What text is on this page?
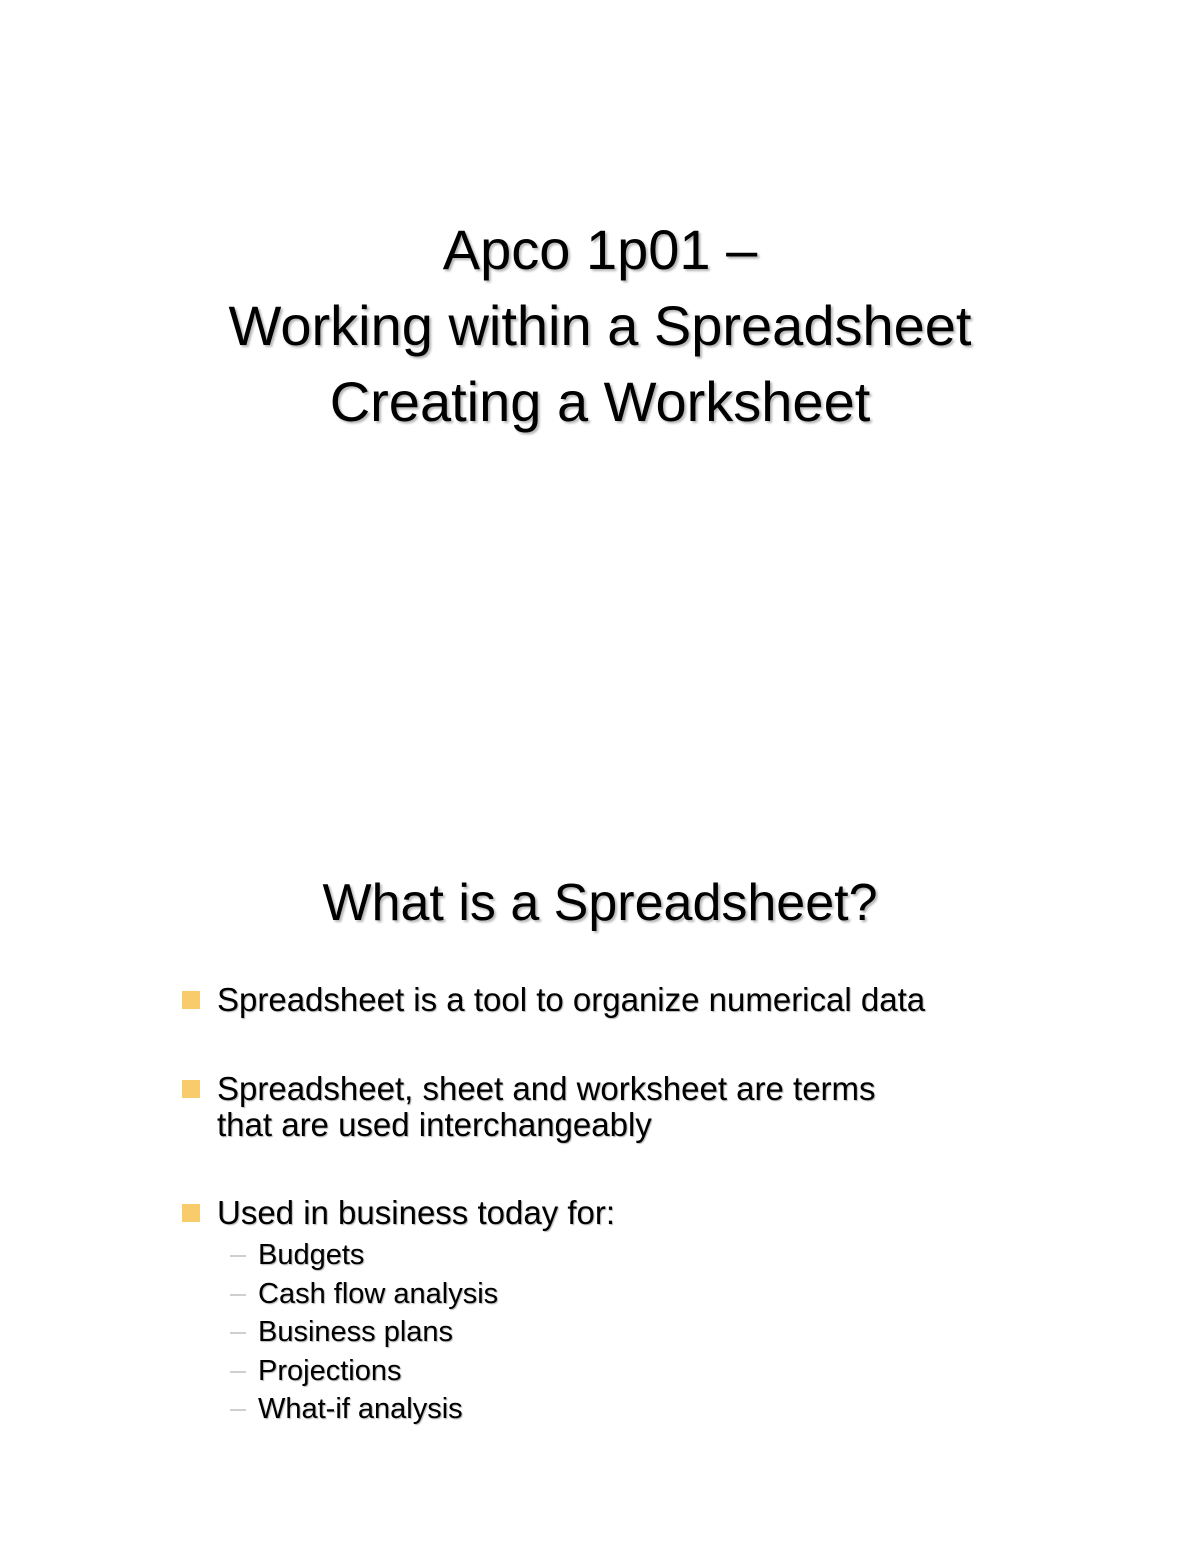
Apco 1p01 –
Working within a Spreadsheet
Creating a Worksheet
What is a Spreadsheet?
Spreadsheet is a tool to organize numerical data
Spreadsheet, sheet and worksheet are terms
that are used interchangeably
Used in business today for:
Budgets
Cash flow analysis
Business plans
Projections
What-if analysis
